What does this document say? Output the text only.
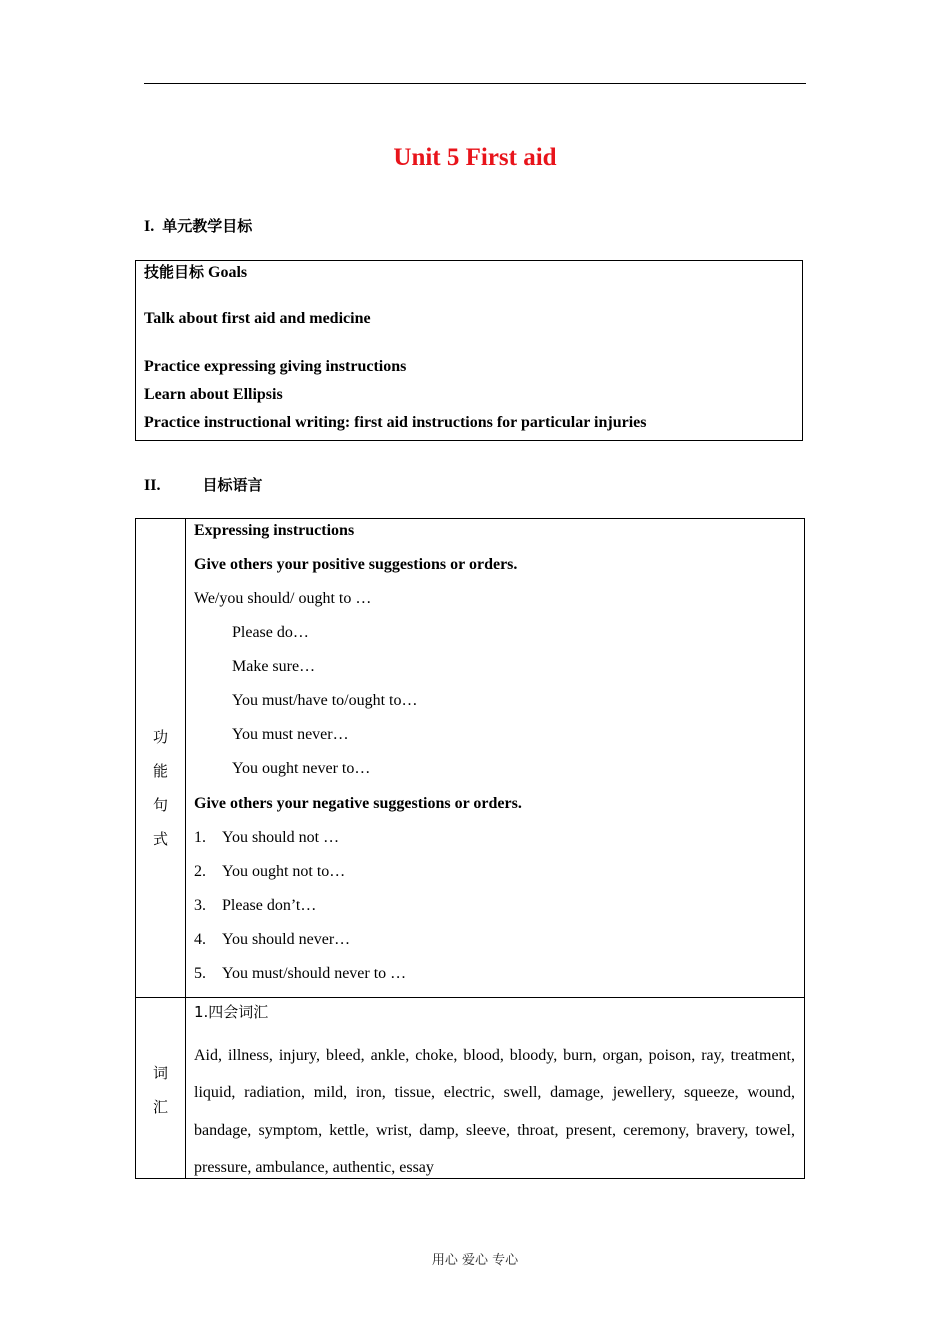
Unit 5 First aid
I. 单元教学目标
技能目标 Goals
Talk about first aid and medicine
Practice expressing giving instructions
Learn about Ellipsis
Practice instructional writing: first aid instructions for particular injuries
II.	目标语言
功
能
句
式
Expressing instructions
Give others your positive suggestions or orders.
We/you should/ ought to …
Please do…
Make sure…
You must/have to/ought to…
You must never…
You ought never to…
Give others your negative suggestions or orders.
1. You should not …
2. You ought not to…
3. Please don’t…
4. You should never…
5. You must/should never to …
词
汇
1.四会词汇
Aid, illness, injury, bleed, ankle, choke, blood, bloody, burn, organ, poison, ray, treatment, liquid, radiation, mild, iron, tissue, electric, swell, damage, jewellery, squeeze, wound, bandage, symptom, kettle, wrist, damp, sleeve, throat, present, ceremony, bravery, towel, pressure, ambulance, authentic, essay
用心 爱心 专心
